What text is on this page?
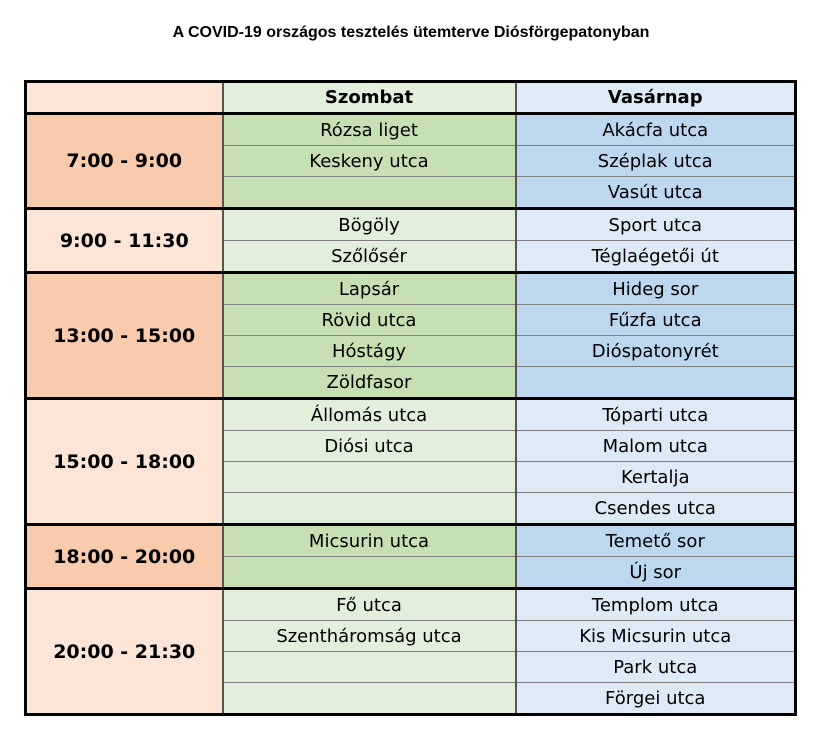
A COVID-19 országos tesztelés ütemterve Diósförgepatonyban
	Szombat	Vasárnap
7:00 - 9:00	Rózsa liget	Akácfa utca
	Keskeny utca	Széplak utca
		Vasút utca
9:00 - 11:30	Bögöly	Sport utca
	Szőlősér	Téglaégetői út
13:00 - 15:00	Lapsár	Hideg sor
	Rövid utca	Fűzfa utca
	Hóstágy	Dióspatonyrét
	Zöldfasor	
15:00 - 18:00	Állomás utca	Tóparti utca
	Diósi utca	Malom utca
		Kertalja
		Csendes utca
18:00 - 20:00	Micsurin utca	Temető sor
		Új sor
20:00 - 21:30	Fő utca	Templom utca
	Szentháromság utca	Kis Micsurin utca
		Park utca
		Förgei utca
